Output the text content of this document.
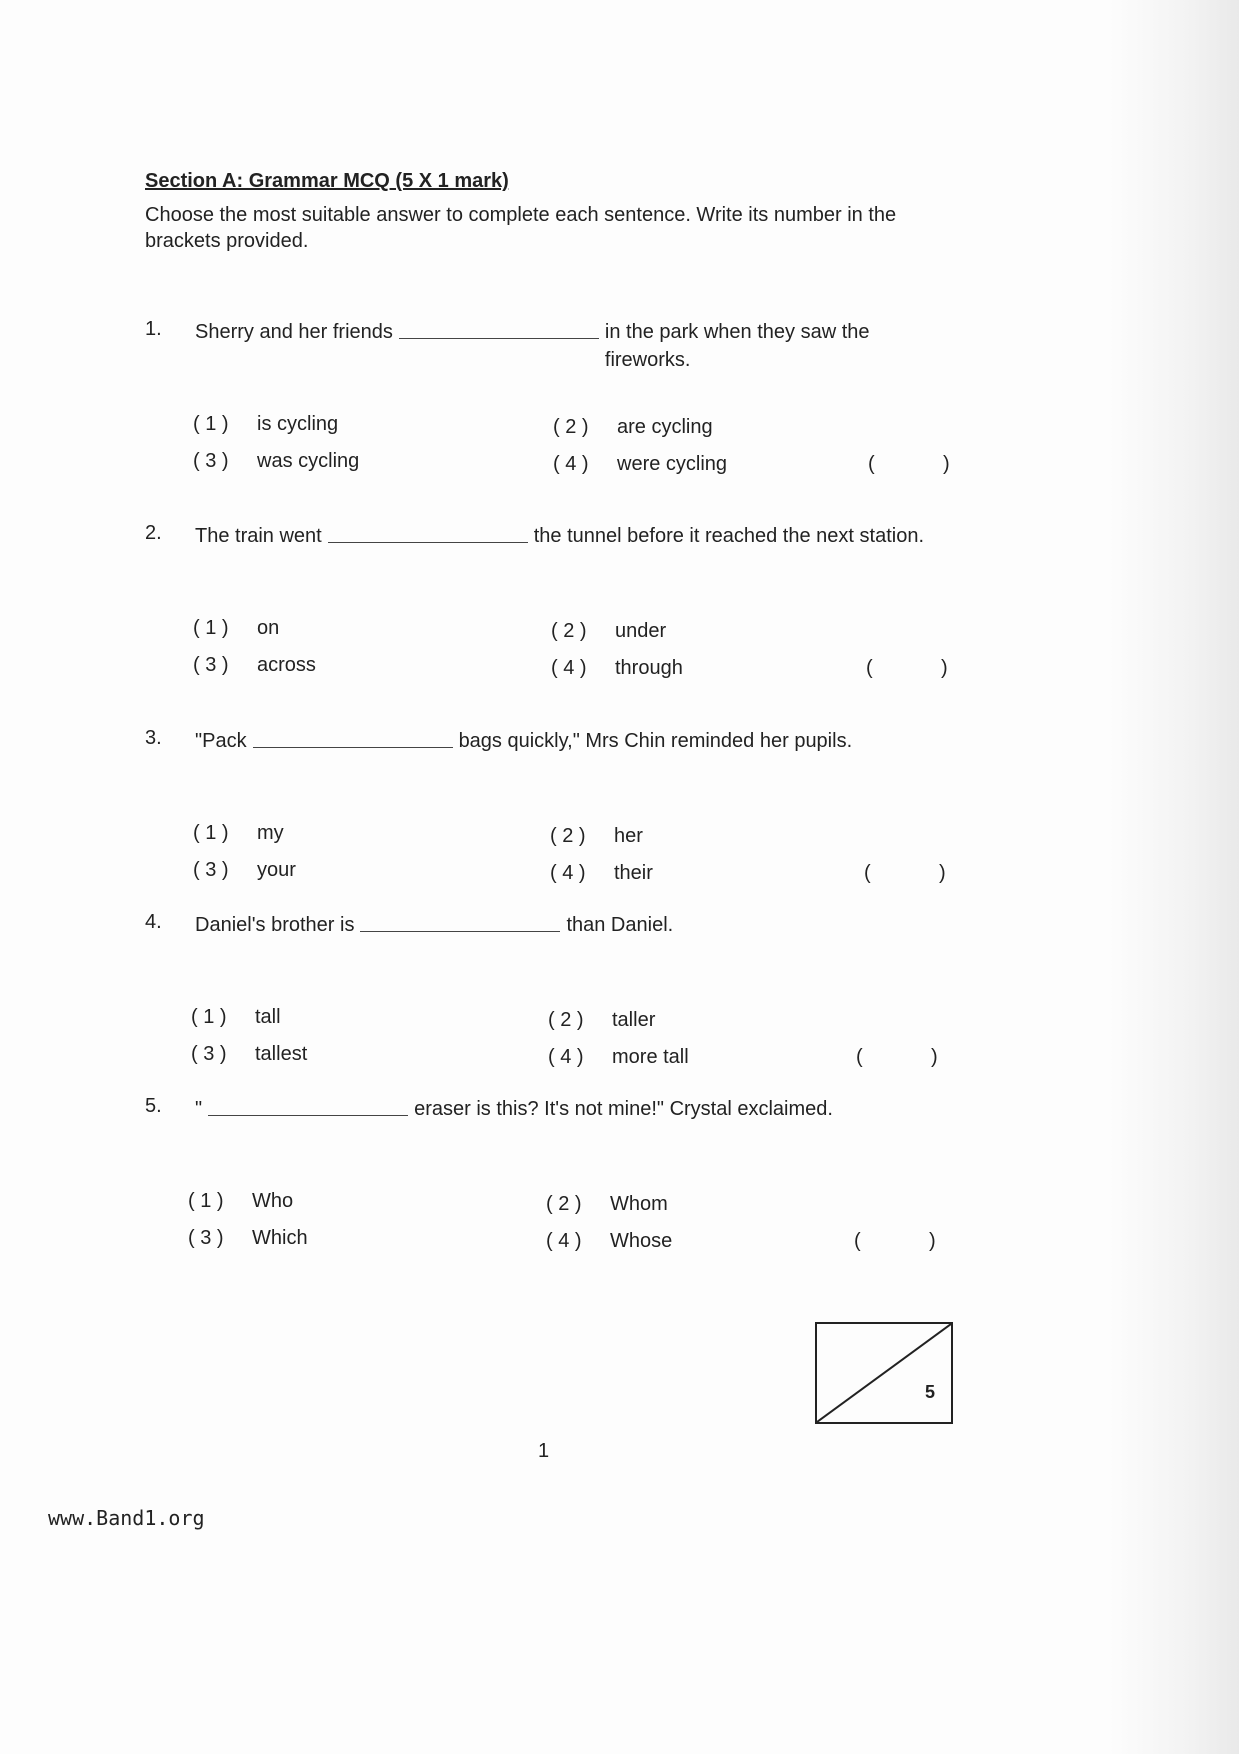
Section A: Grammar MCQ (5 X 1 mark)
Choose the most suitable answer to complete each sentence. Write its number in the brackets provided.
1. Sherry and her friends	in the park when they saw the fireworks.
( 1 )	is cycling	( 2 )	are cycling
( 3 )	was cycling	( 4 )	were cycling	(	)
2. The train went	the tunnel before it reached the next station.
( 1 )	on	( 2 )	under
( 3 )	across	( 4 )	through	(	)
3. "Pack	bags quickly," Mrs Chin reminded her pupils.
( 1 )	my	( 2 )	her
( 3 )	your	( 4 )	their	(	)
4. Daniel's brother is	than Daniel.
( 1 )	tall	( 2 )	taller
( 3 )	tallest	( 4 )	more tall	(	)
5. "	eraser is this? It's not mine!" Crystal exclaimed.
( 1 )	Who	( 2 )	Whom
( 3 )	Which	( 4 )	Whose	(	)
5
1
www.Band1.org
